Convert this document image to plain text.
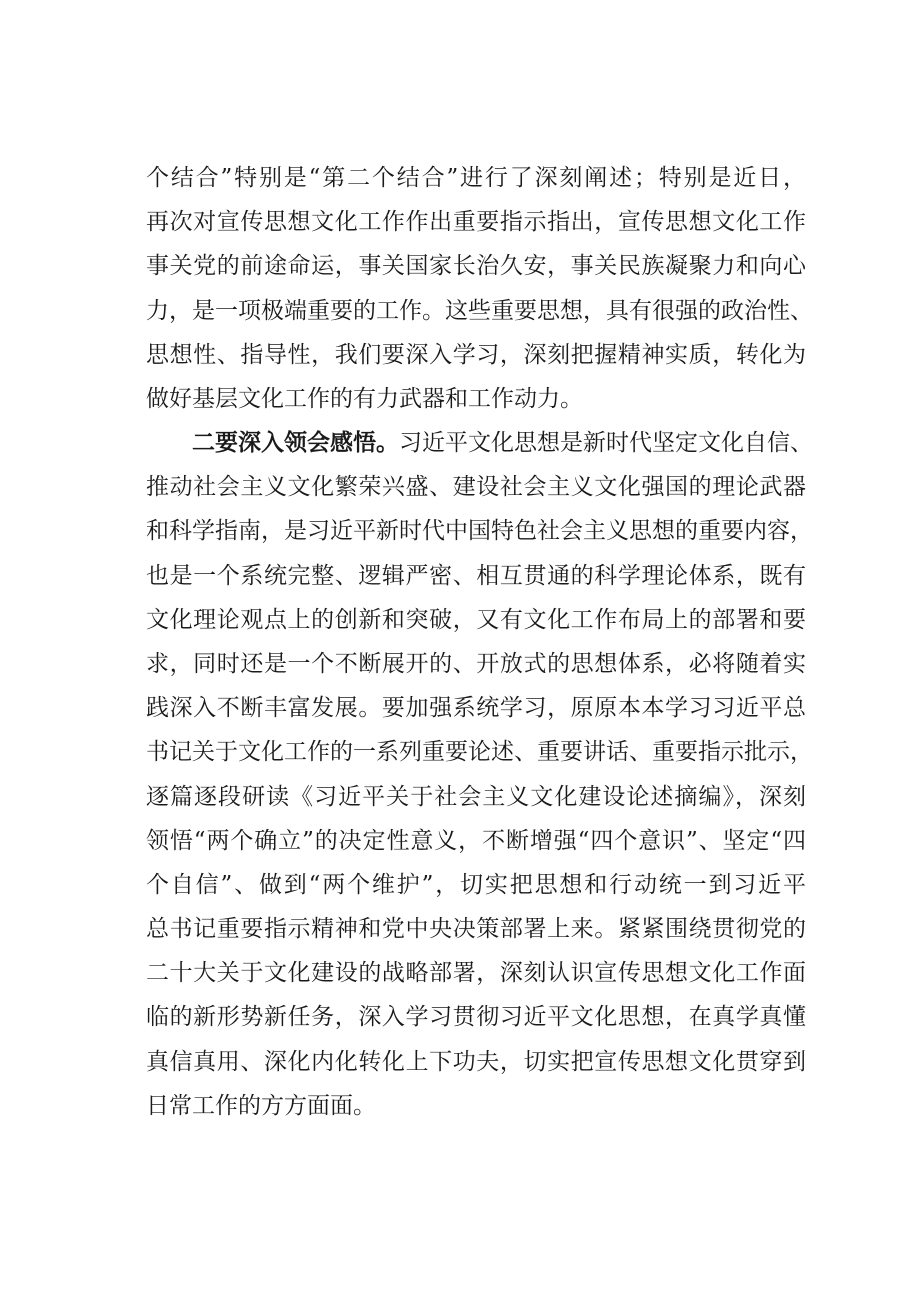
个结合”特别是“第二个结合”进行了深刻阐述；特别是近日，
再次对宣传思想文化工作作出重要指示指出，宣传思想文化工作
事关党的前途命运，事关国家长治久安，事关民族凝聚力和向心
力，是一项极端重要的工作。这些重要思想，具有很强的政治性、
思想性、指导性，我们要深入学习，深刻把握精神实质，转化为
做好基层文化工作的有力武器和工作动力。
二要深入领会感悟。习近平文化思想是新时代坚定文化自信、
推动社会主义文化繁荣兴盛、建设社会主义文化强国的理论武器
和科学指南，是习近平新时代中国特色社会主义思想的重要内容，
也是一个系统完整、逻辑严密、相互贯通的科学理论体系，既有
文化理论观点上的创新和突破，又有文化工作布局上的部署和要
求，同时还是一个不断展开的、开放式的思想体系，必将随着实
践深入不断丰富发展。要加强系统学习，原原本本学习习近平总
书记关于文化工作的一系列重要论述、重要讲话、重要指示批示，
逐篇逐段研读《习近平关于社会主义文化建设论述摘编》，深刻
领悟“两个确立”的决定性意义，不断增强“四个意识”、坚定“四
个自信”、做到“两个维护”，切实把思想和行动统一到习近平
总书记重要指示精神和党中央决策部署上来。紧紧围绕贯彻党的
二十大关于文化建设的战略部署，深刻认识宣传思想文化工作面
临的新形势新任务，深入学习贯彻习近平文化思想，在真学真懂
真信真用、深化内化转化上下功夫，切实把宣传思想文化贯穿到
日常工作的方方面面。
